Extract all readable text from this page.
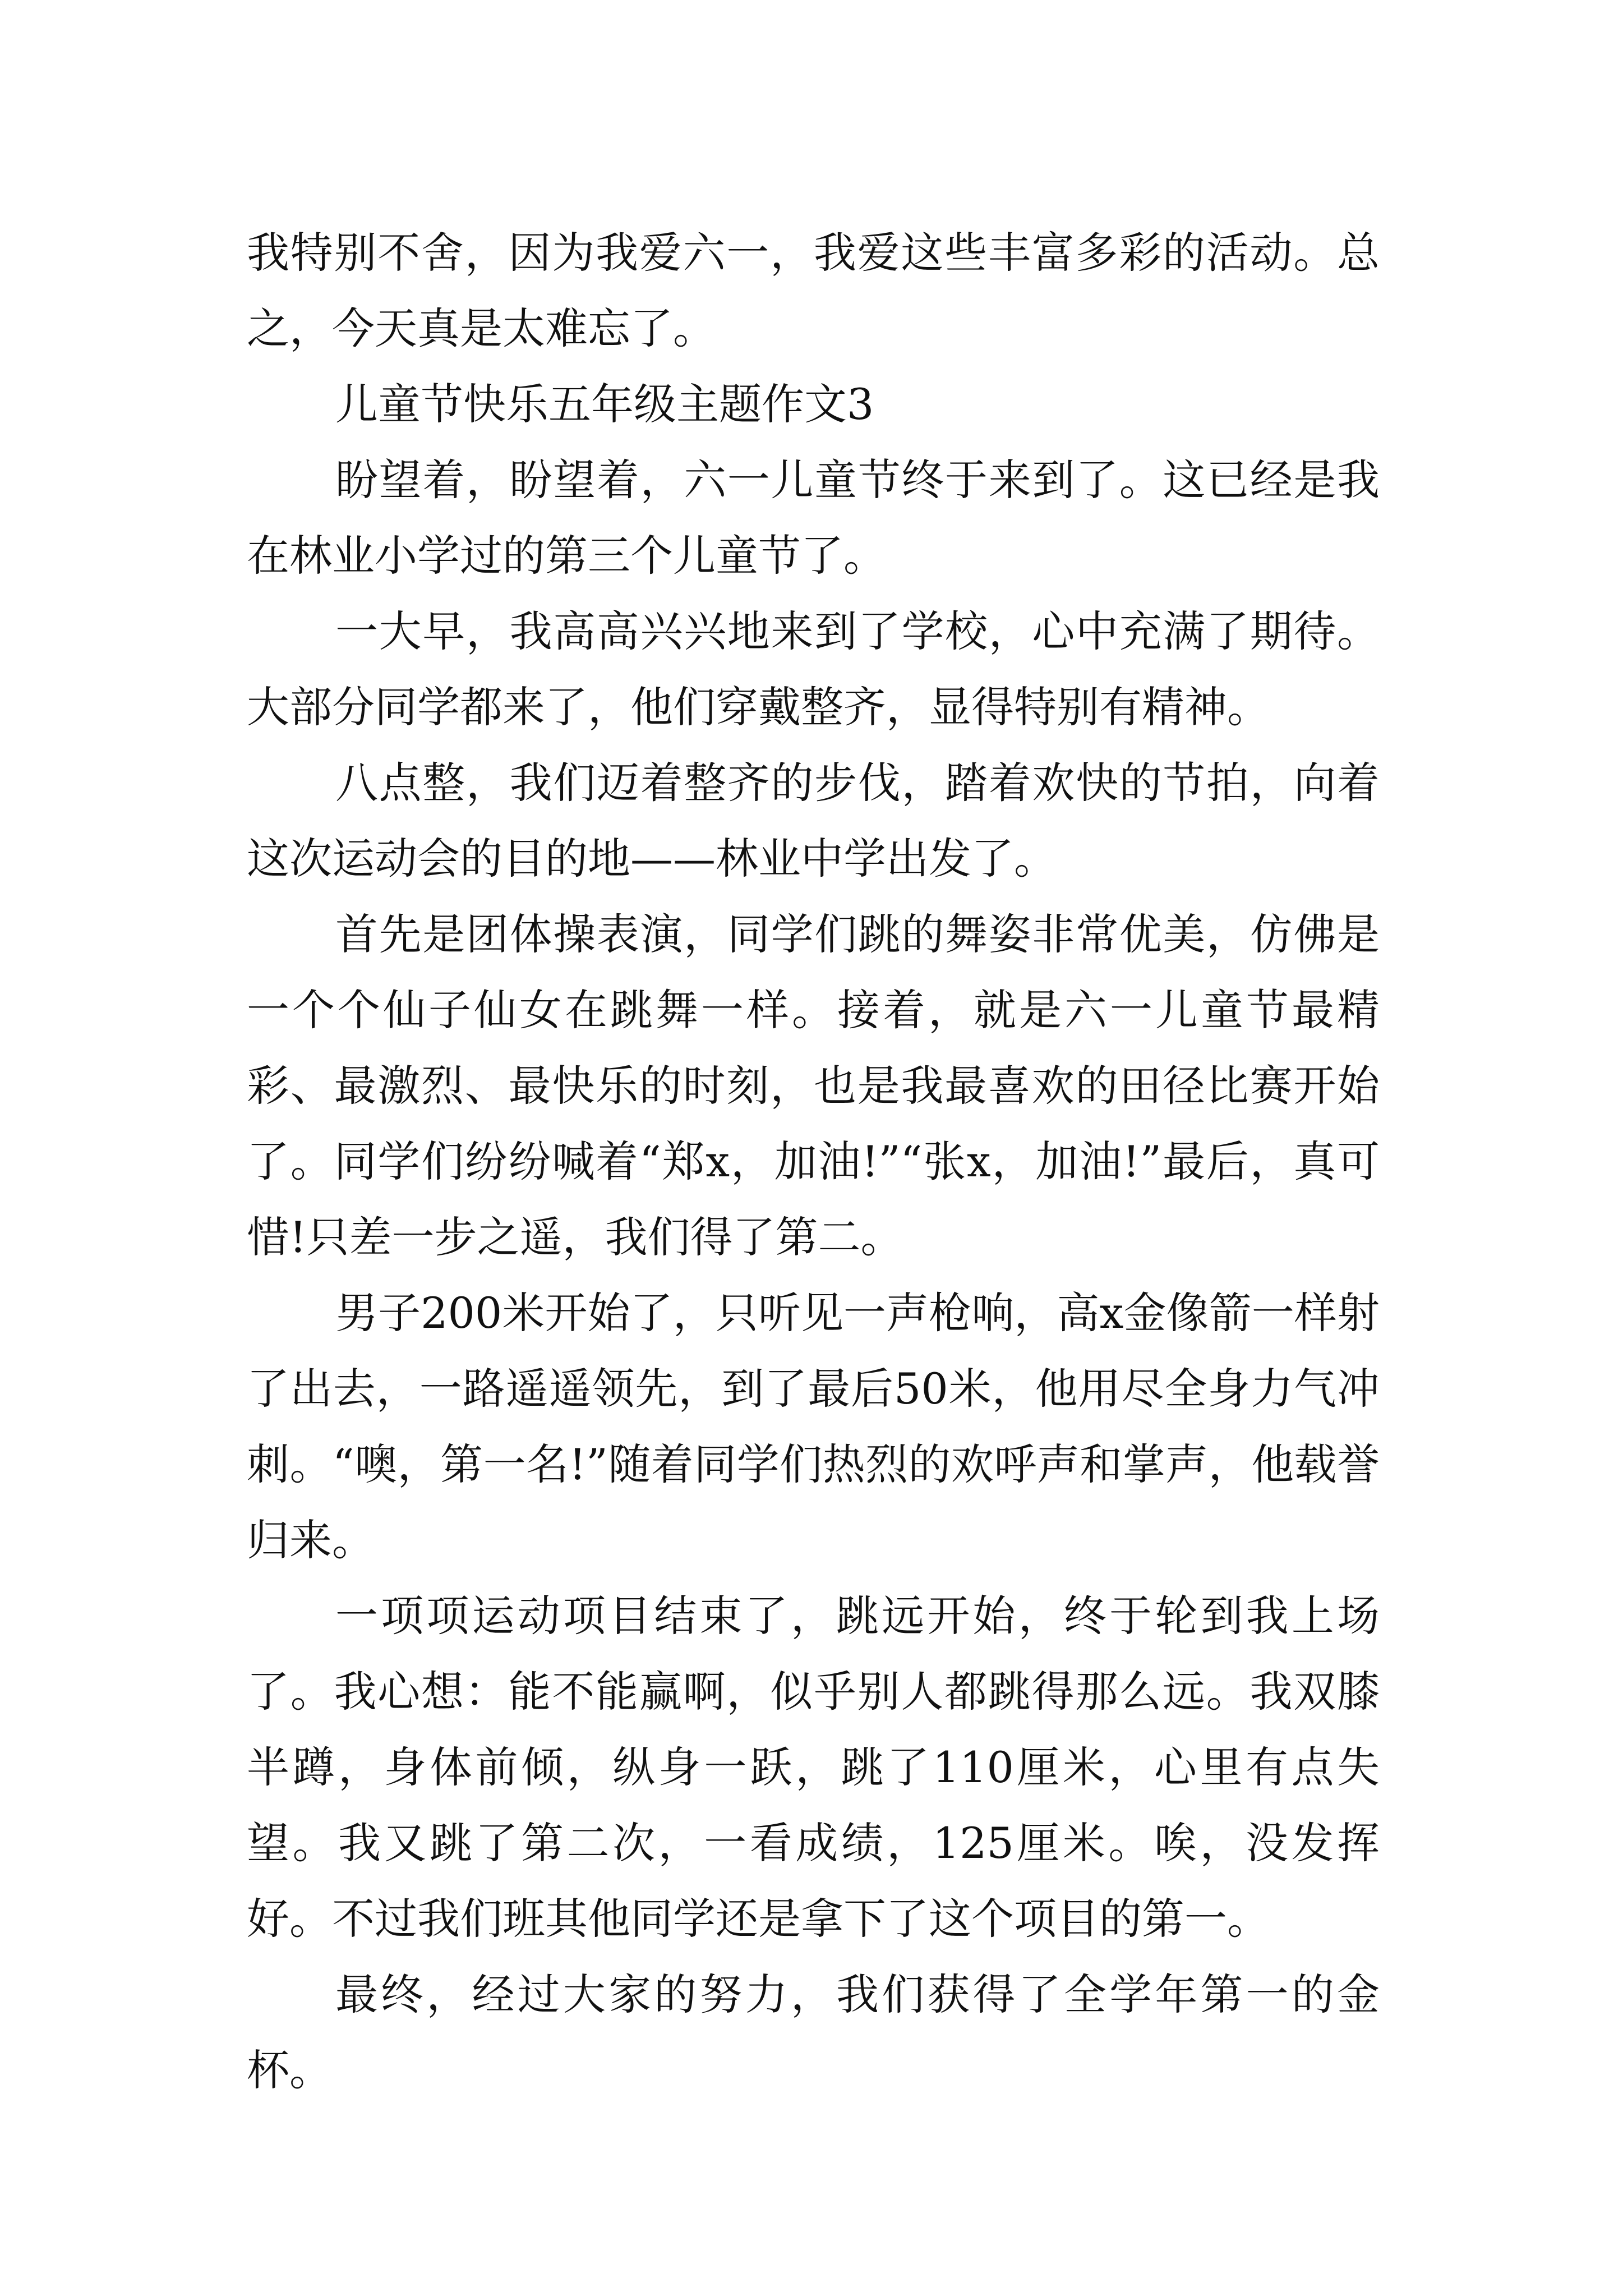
我特别不舍，因为我爱六一，我爱这些丰富多彩的活动。总之，今天真是太难忘了。

儿童节快乐五年级主题作文3

盼望着，盼望着，六一儿童节终于来到了。这已经是我在林业小学过的第三个儿童节了。

一大早，我高高兴兴地来到了学校，心中充满了期待。大部分同学都来了，他们穿戴整齐，显得特别有精神。

八点整，我们迈着整齐的步伐，踏着欢快的节拍，向着这次运动会的目的地——林业中学出发了。

首先是团体操表演，同学们跳的舞姿非常优美，仿佛是一个个仙子仙女在跳舞一样。接着，就是六一儿童节最精彩、最激烈、最快乐的时刻，也是我最喜欢的田径比赛开始了。同学们纷纷喊着“郑x，加油!”“张x，加油!”最后，真可惜!只差一步之遥，我们得了第二。

男子200米开始了，只听见一声枪响，高x金像箭一样射了出去，一路遥遥领先，到了最后50米，他用尽全身力气冲刺。“噢，第一名!”随着同学们热烈的欢呼声和掌声，他载誉归来。

一项项运动项目结束了，跳远开始，终于轮到我上场了。我心想：能不能赢啊，似乎别人都跳得那么远。我双膝半蹲，身体前倾，纵身一跃，跳了110厘米，心里有点失望。我又跳了第二次，一看成绩，125厘米。唉，没发挥好。不过我们班其他同学还是拿下了这个项目的第一。

最终，经过大家的努力，我们获得了全学年第一的金杯。
